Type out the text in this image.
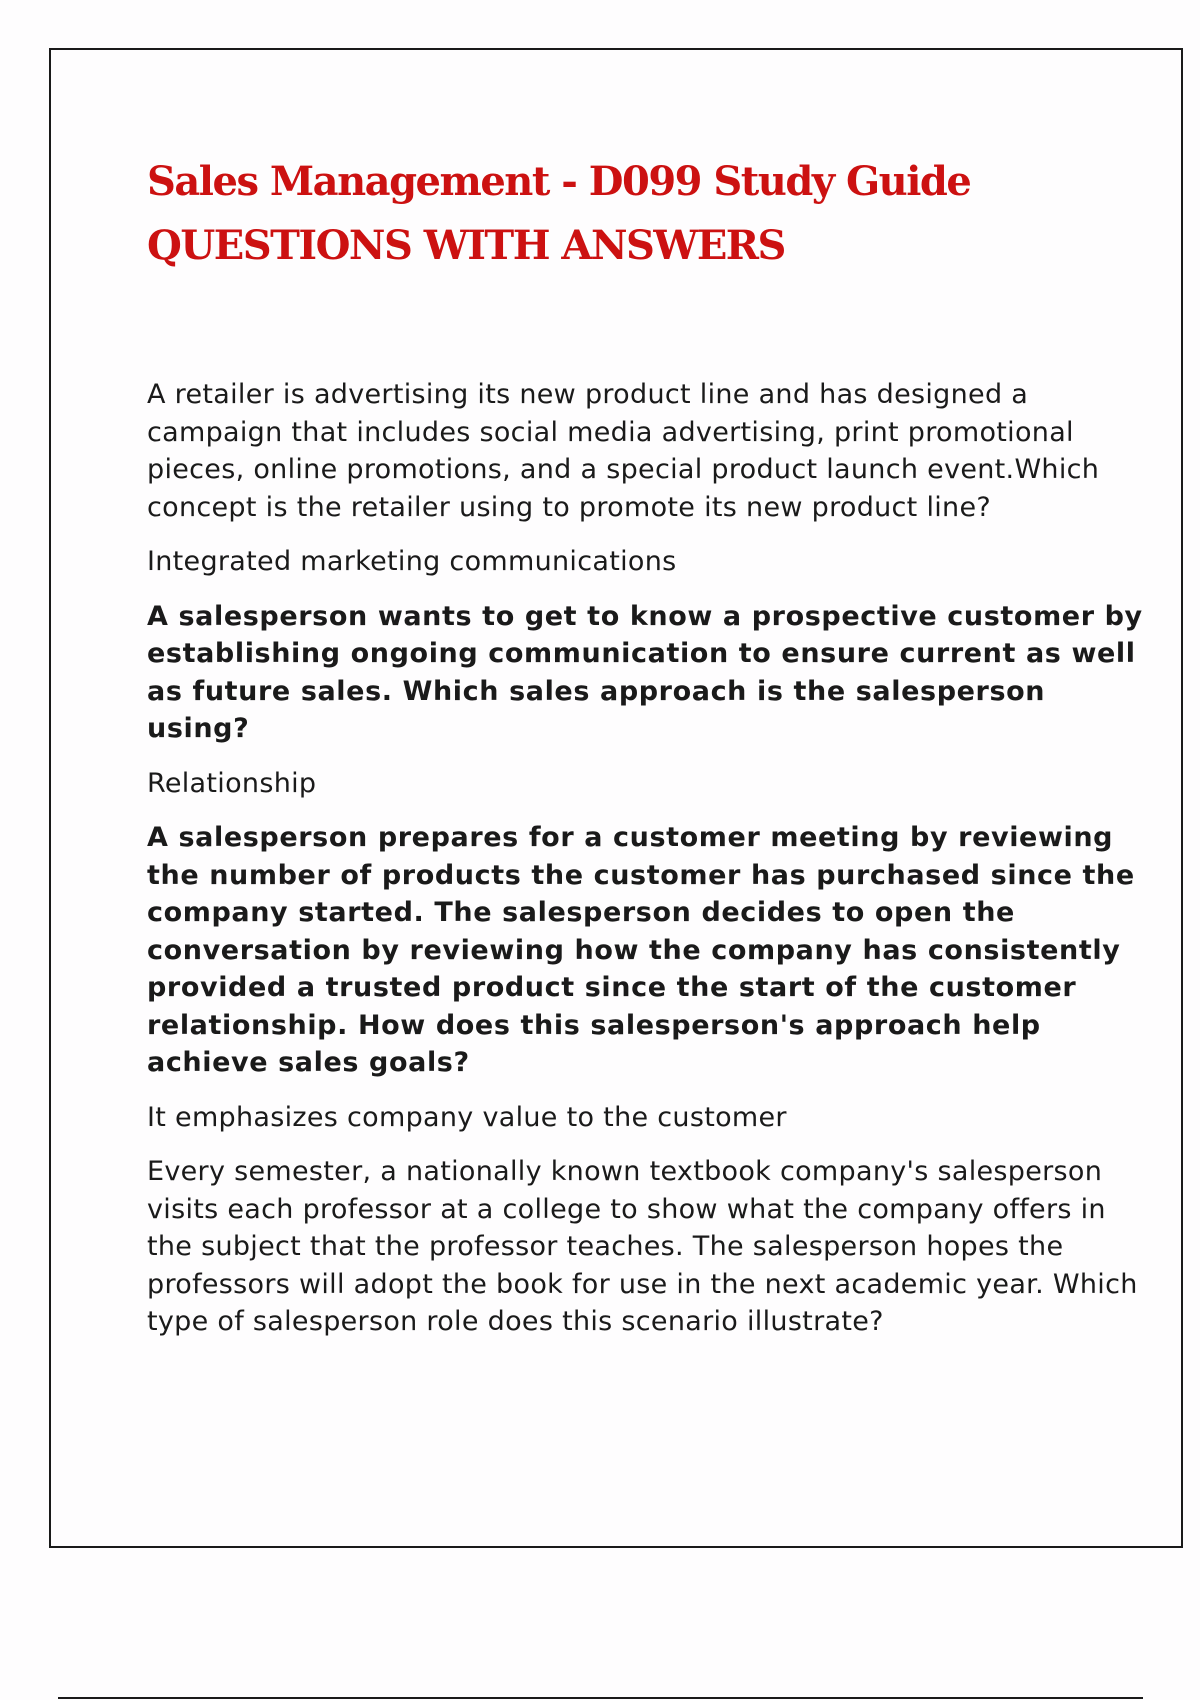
Sales Management - D099 Study Guide
QUESTIONS WITH ANSWERS

A retailer is advertising its new product line and has designed a campaign that includes social media advertising, print promotional pieces, online promotions, and a special product launch event.Which concept is the retailer using to promote its new product line?

Integrated marketing communications

A salesperson wants to get to know a prospective customer by establishing ongoing communication to ensure current as well as future sales. Which sales approach is the salesperson using?

Relationship

A salesperson prepares for a customer meeting by reviewing the number of products the customer has purchased since the company started. The salesperson decides to open the conversation by reviewing how the company has consistently provided a trusted product since the start of the customer relationship. How does this salesperson's approach help achieve sales goals?

It emphasizes company value to the customer

Every semester, a nationally known textbook company's salesperson visits each professor at a college to show what the company offers in the subject that the professor teaches. The salesperson hopes the professors will adopt the book for use in the next academic year. Which type of salesperson role does this scenario illustrate?
